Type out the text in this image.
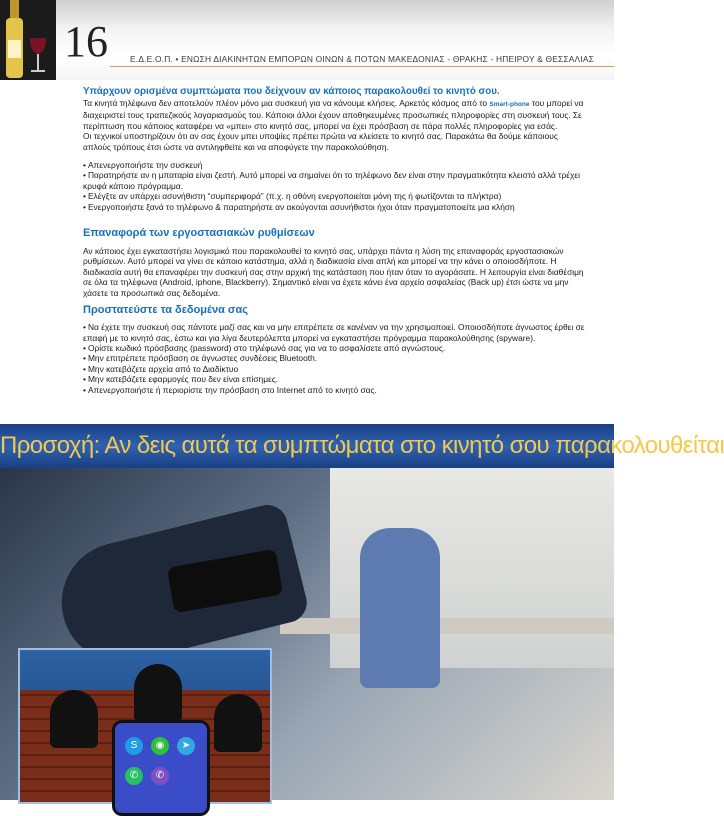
16	Ε.Δ.Ε.Ο.Π. • ΕΝΩΣΗ ΔΙΑΚΙΝΗΤΩΝ ΕΜΠΟΡΩΝ ΟΙΝΩΝ & ΠΟΤΩΝ ΜΑΚΕΔΟΝΙΑΣ - ΘΡΑΚΗΣ - ΗΠΕΙΡΟΥ & ΘΕΣΣΑΛΙΑΣ
Υπάρχουν ορισμένα συμπτώματα που δείχνουν αν κάποιος παρακολουθεί το κινητό σου.

Τα κινητά τηλέφωνα δεν αποτελούν πλέον μόνο μια συσκευή για να κάνουμε κλήσεις. Αρκετός κόσμος από το Smart-phone του μπορεί να διαχειριστεί τους τραπεζικούς λογαριασμούς του. Κάποιοι άλλοι έχουν αποθηκευμένες προσωπικές πληροφορίες στη συσκευή τους. Σε περίπτωση που κάποιος καταφέρει να «μπει» στο κινητό σας, μπορεί να έχει πρόσβαση σε πάρα πολλές πληροφορίες για εσάς.

Οι τεχνικοί υποστηρίζουν ότι αν σας έχουν μπει υποψίες πρέπει πρώτα να κλείσετε το κινητό σας. Παρακάτω θα δούμε κάποιους απλούς τρόπους έτσι ώστε να αντιληφθείτε και να αποφύγετε την παρακολούθηση.

• Απενεργοποιήστε την συσκευή
• Παρατηρήστε αν η μπαταρία είναι ζεστή. Αυτό μπορεί να σημαίνει ότι το τηλέφωνο δεν είναι στην πραγματικότητα κλειστό αλλά τρέχει κρυφά κάποιο πρόγραμμα.
• Ελέγξτε αν υπάρχει ασυνήθιστη “συμπεριφορά” (π.χ. η οθόνη ενεργοποιείται μόνη της ή φωτίζονται τα πλήκτρα)
• Ενεργοποιήστε ξανά το τηλέφωνο & παρατηρήστε αν ακούγονται ασυνήθιστοι ήχοι όταν πραγματοποιείτε μια κλήση
Επαναφορά των εργοστασιακών ρυθμίσεων

Αν κάποιος έχει εγκαταστήσει λογισμικό που παρακολουθεί το κινητό σας, υπάρχει πάντα η λύση της επαναφοράς εργοστασιακών ρυθμίσεων. Αυτό μπορεί να γίνει σε κάποιο κατάστημα, αλλά η διαδικασία είναι απλή και μπορεί να την κάνει ο οποιοσδήποτε. Η διαδικασία αυτή θα επαναφέρει την συσκευή σας στην αρχική της κατάσταση που ήταν όταν το αγοράσατε. Η λειτουργία είναι διαθέσιμη σε όλα τα τηλέφωνα (Android, iphone, Blackberry). Σημαντικό είναι να έχετε κάνει ένα αρχείο ασφαλείας (Back up) έτσι ώστε να μην χάσετε τα προσωπικά σας δεδομένα.

Προστατεύστε τα δεδομένα σας
• Να έχετε την συσκευή σας πάντοτε μαζί σας και να μην επιτρέπετε σε κανέναν να την χρησιμοποιεί. Οποιοσδήποτε άγνωστος έρθει σε επαφή με το κινητό σας, έστω και για λίγα δευτερόλεπτα μπορεί να εγκαταστήσει πρόγραμμα παρακολούθησης (spyware).
• Ορίστε κωδικό πρόσβασης (password) στο τηλέφωνό σας για να το ασφαλίσετε από αγνώστους.
• Μην επιτρέπετε πρόσβαση σε άγνωστες συνδέσεις Bluetooth.
• Μην κατεβάζετε αρχεία από το Διαδίκτυο
• Μην κατεβάζετε εφαρμογές που δεν είναι επίσημες.
• Απενεργοποιήστε ή περιορίστε την πρόσβαση στο Internet από το κινητό σας.
Προσοχή: Αν δεις αυτά τα συμπτώματα στο κινητό σου παρακολουθείται
S	◉	➤
✆	✆
